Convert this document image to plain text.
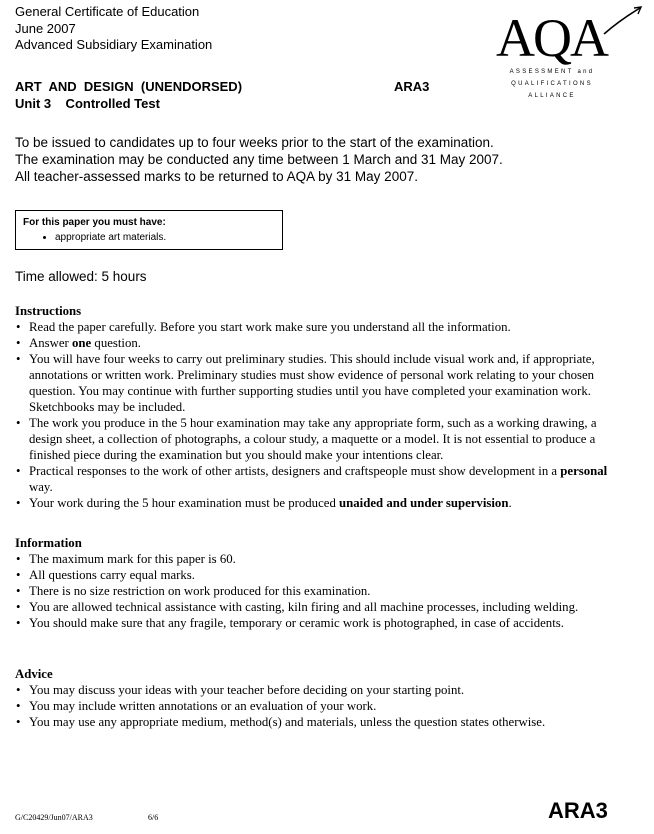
General Certificate of Education
June 2007
Advanced Subsidiary Examination
ART  AND  DESIGN  (UNENDORSED)
Unit 3    Controlled Test
ARA3
AQA
ASSESSMENT and
QUALIFICATIONS
ALLIANCE
To be issued to candidates up to four weeks prior to the start of the examination.
The examination may be conducted any time between 1 March and 31 May 2007.
All teacher-assessed marks to be returned to AQA by 31 May 2007.
For this paper you must have:
• appropriate art materials.
Time allowed: 5 hours
Instructions
• Read the paper carefully. Before you start work make sure you understand all the information.
• Answer one question.
• You will have four weeks to carry out preliminary studies. This should include visual work and, if appropriate, annotations or written work. Preliminary studies must show evidence of personal work relating to your chosen question. You may continue with further supporting studies until you have completed your examination work. Sketchbooks may be included.
• The work you produce in the 5 hour examination may take any appropriate form, such as a working drawing, a design sheet, a collection of photographs, a colour study, a maquette or a model. It is not essential to produce a finished piece during the examination but you should make your intentions clear.
• Practical responses to the work of other artists, designers and craftspeople must show development in a personal way.
• Your work during the 5 hour examination must be produced unaided and under supervision.
Information
• The maximum mark for this paper is 60.
• All questions carry equal marks.
• There is no size restriction on work produced for this examination.
• You are allowed technical assistance with casting, kiln firing and all machine processes, including welding.
• You should make sure that any fragile, temporary or ceramic work is photographed, in case of accidents.
Advice
• You may discuss your ideas with your teacher before deciding on your starting point.
• You may include written annotations or an evaluation of your work.
• You may use any appropriate medium, method(s) and materials, unless the question states otherwise.
G/C20429/Jun07/ARA3	6/6	ARA3
